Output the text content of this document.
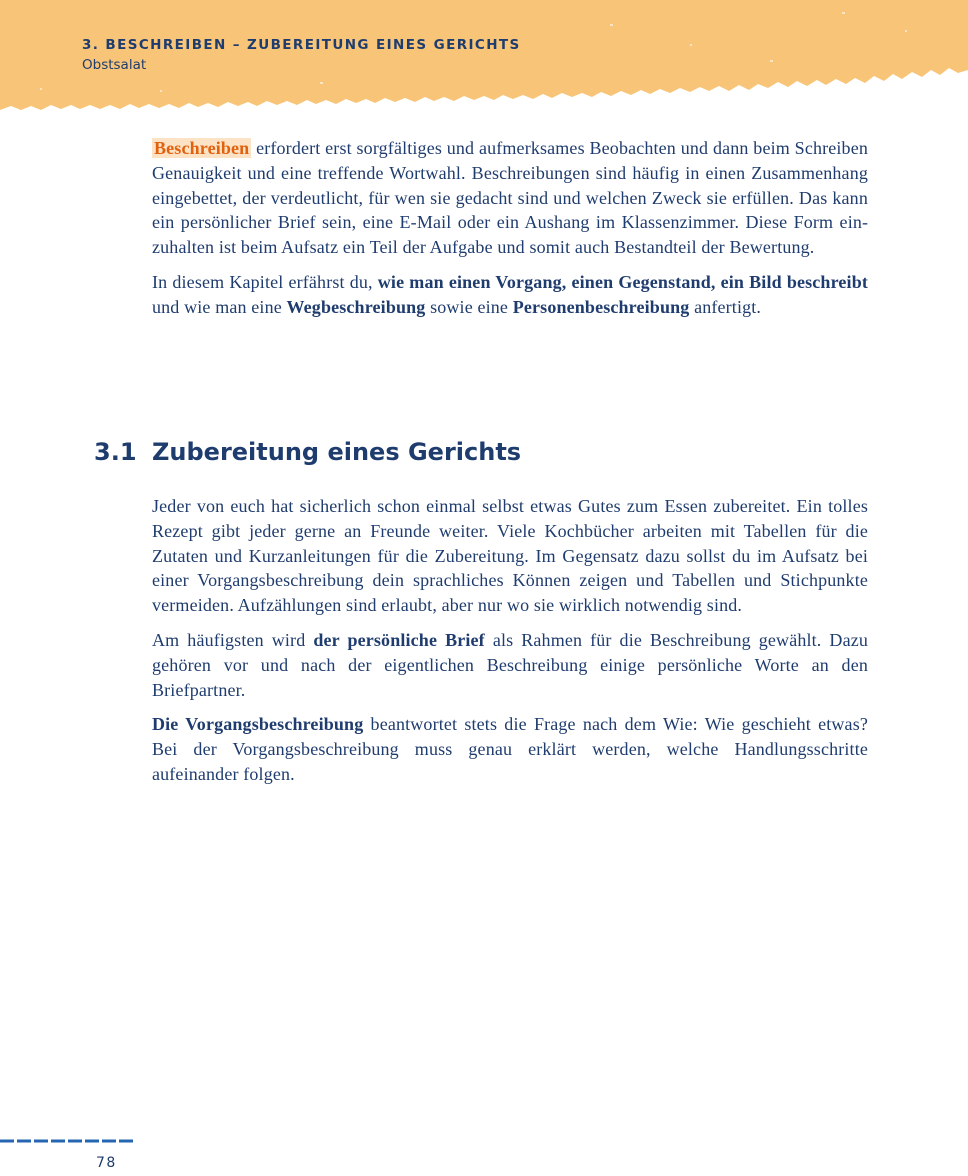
3. BESCHREIBEN – ZUBEREITUNG EINES GERICHTS
Obstsalat

Beschreiben erfordert erst sorgfältiges und aufmerksames Beobachten und dann beim Schreiben Genauigkeit und eine treffende Wortwahl. Beschreibungen sind häufig in einen Zusammenhang eingebettet, der verdeutlicht, für wen sie gedacht sind und welchen Zweck sie erfüllen. Das kann ein persönlicher Brief sein, eine E-Mail oder ein Aushang im Klassenzimmer. Diese Form einzuhalten ist beim Aufsatz ein Teil der Aufgabe und somit auch Bestandteil der Bewertung.

In diesem Kapitel erfährst du, wie man einen Vorgang, einen Gegenstand, ein Bild beschreibt und wie man eine Wegbeschreibung sowie eine Personenbeschreibung anfertigt.

3.1 Zubereitung eines Gerichts

Jeder von euch hat sicherlich schon einmal selbst etwas Gutes zum Essen zubereitet. Ein tolles Rezept gibt jeder gerne an Freunde weiter. Viele Kochbücher arbeiten mit Tabellen für die Zutaten und Kurzanleitungen für die Zubereitung. Im Gegensatz dazu sollst du im Aufsatz bei einer Vorgangsbeschreibung dein sprachliches Können zeigen und Tabellen und Stichpunkte vermeiden. Aufzählungen sind erlaubt, aber nur wo sie wirklich notwendig sind.

Am häufigsten wird der persönliche Brief als Rahmen für die Beschreibung gewählt. Dazu gehören vor und nach der eigentlichen Beschreibung einige persönliche Worte an den Briefpartner.

Die Vorgangsbeschreibung beantwortet stets die Frage nach dem Wie: Wie geschieht etwas? Bei der Vorgangsbeschreibung muss genau erklärt werden, welche Handlungsschritte aufeinander folgen.

78
